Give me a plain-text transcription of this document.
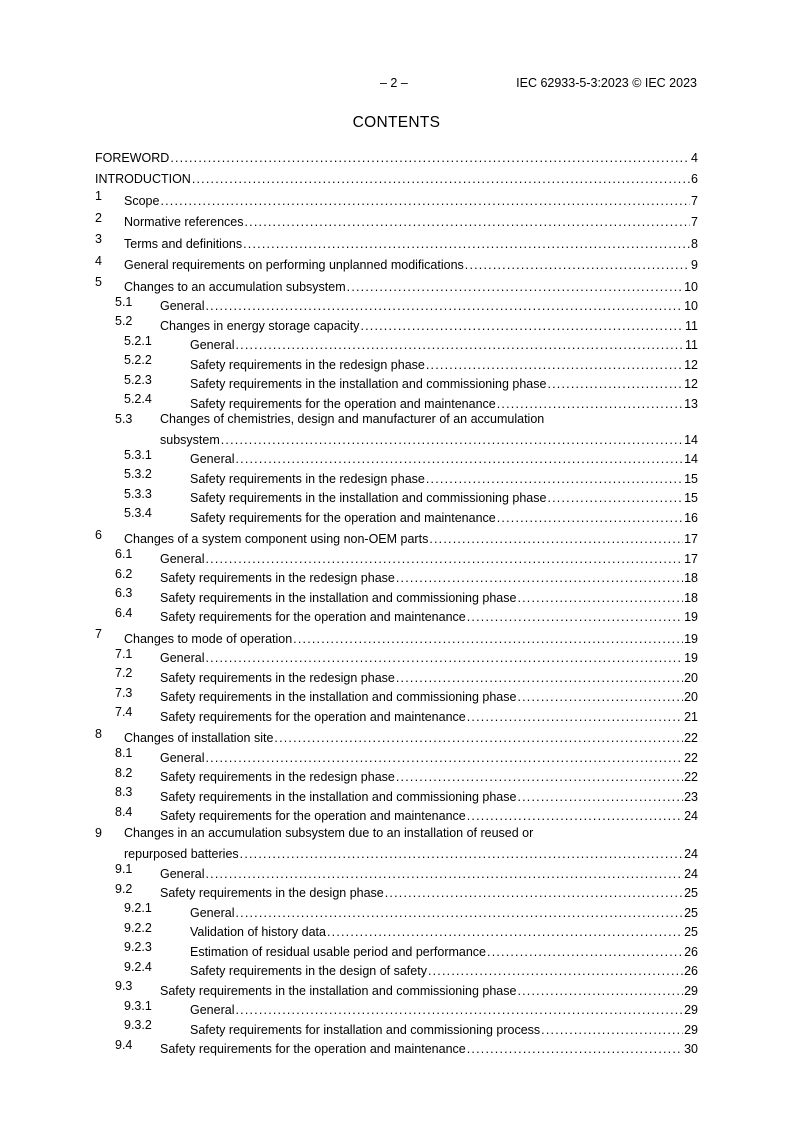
– 2 –	IEC 62933-5-3:2023 © IEC 2023
CONTENTS
FOREWORD .....	4
INTRODUCTION .....	6
1 Scope .....	7
2 Normative references .....	7
3 Terms and definitions .....	8
4 General requirements on performing unplanned modifications .....	9
5 Changes to an accumulation subsystem .....	10
5.1 General .....	10
5.2 Changes in energy storage capacity .....	11
5.2.1	General .....	11
5.2.2	Safety requirements in the redesign phase .....	12
5.2.3	Safety requirements in the installation and commissioning phase .....	12
5.2.4	Safety requirements for the operation and maintenance .....	13
5.3 Changes of chemistries, design and manufacturer of an accumulation
subsystem .....	14
5.3.1	General .....	14
5.3.2	Safety requirements in the redesign phase .....	15
5.3.3	Safety requirements in the installation and commissioning phase .....	15
5.3.4	Safety requirements for the operation and maintenance .....	16
6 Changes of a system component using non-OEM parts .....	17
6.1 General .....	17
6.2 Safety requirements in the redesign phase .....	18
6.3 Safety requirements in the installation and commissioning phase .....	18
6.4 Safety requirements for the operation and maintenance .....	19
7 Changes to mode of operation .....	19
7.1 General .....	19
7.2 Safety requirements in the redesign phase .....	20
7.3 Safety requirements in the installation and commissioning phase .....	20
7.4 Safety requirements for the operation and maintenance .....	21
8 Changes of installation site .....	22
8.1 General .....	22
8.2 Safety requirements in the redesign phase .....	22
8.3 Safety requirements in the installation and commissioning phase .....	23
8.4 Safety requirements for the operation and maintenance .....	24
9 Changes in an accumulation subsystem due to an installation of reused or
repurposed batteries .....	24
9.1 General .....	24
9.2 Safety requirements in the design phase .....	25
9.2.1	General .....	25
9.2.2	Validation of history data .....	25
9.2.3	Estimation of residual usable period and performance .....	26
9.2.4	Safety requirements in the design of safety .....	26
9.3 Safety requirements in the installation and commissioning phase .....	29
9.3.1	General .....	29
9.3.2	Safety requirements for installation and commissioning process .....	29
9.4 Safety requirements for the operation and maintenance .....	30
